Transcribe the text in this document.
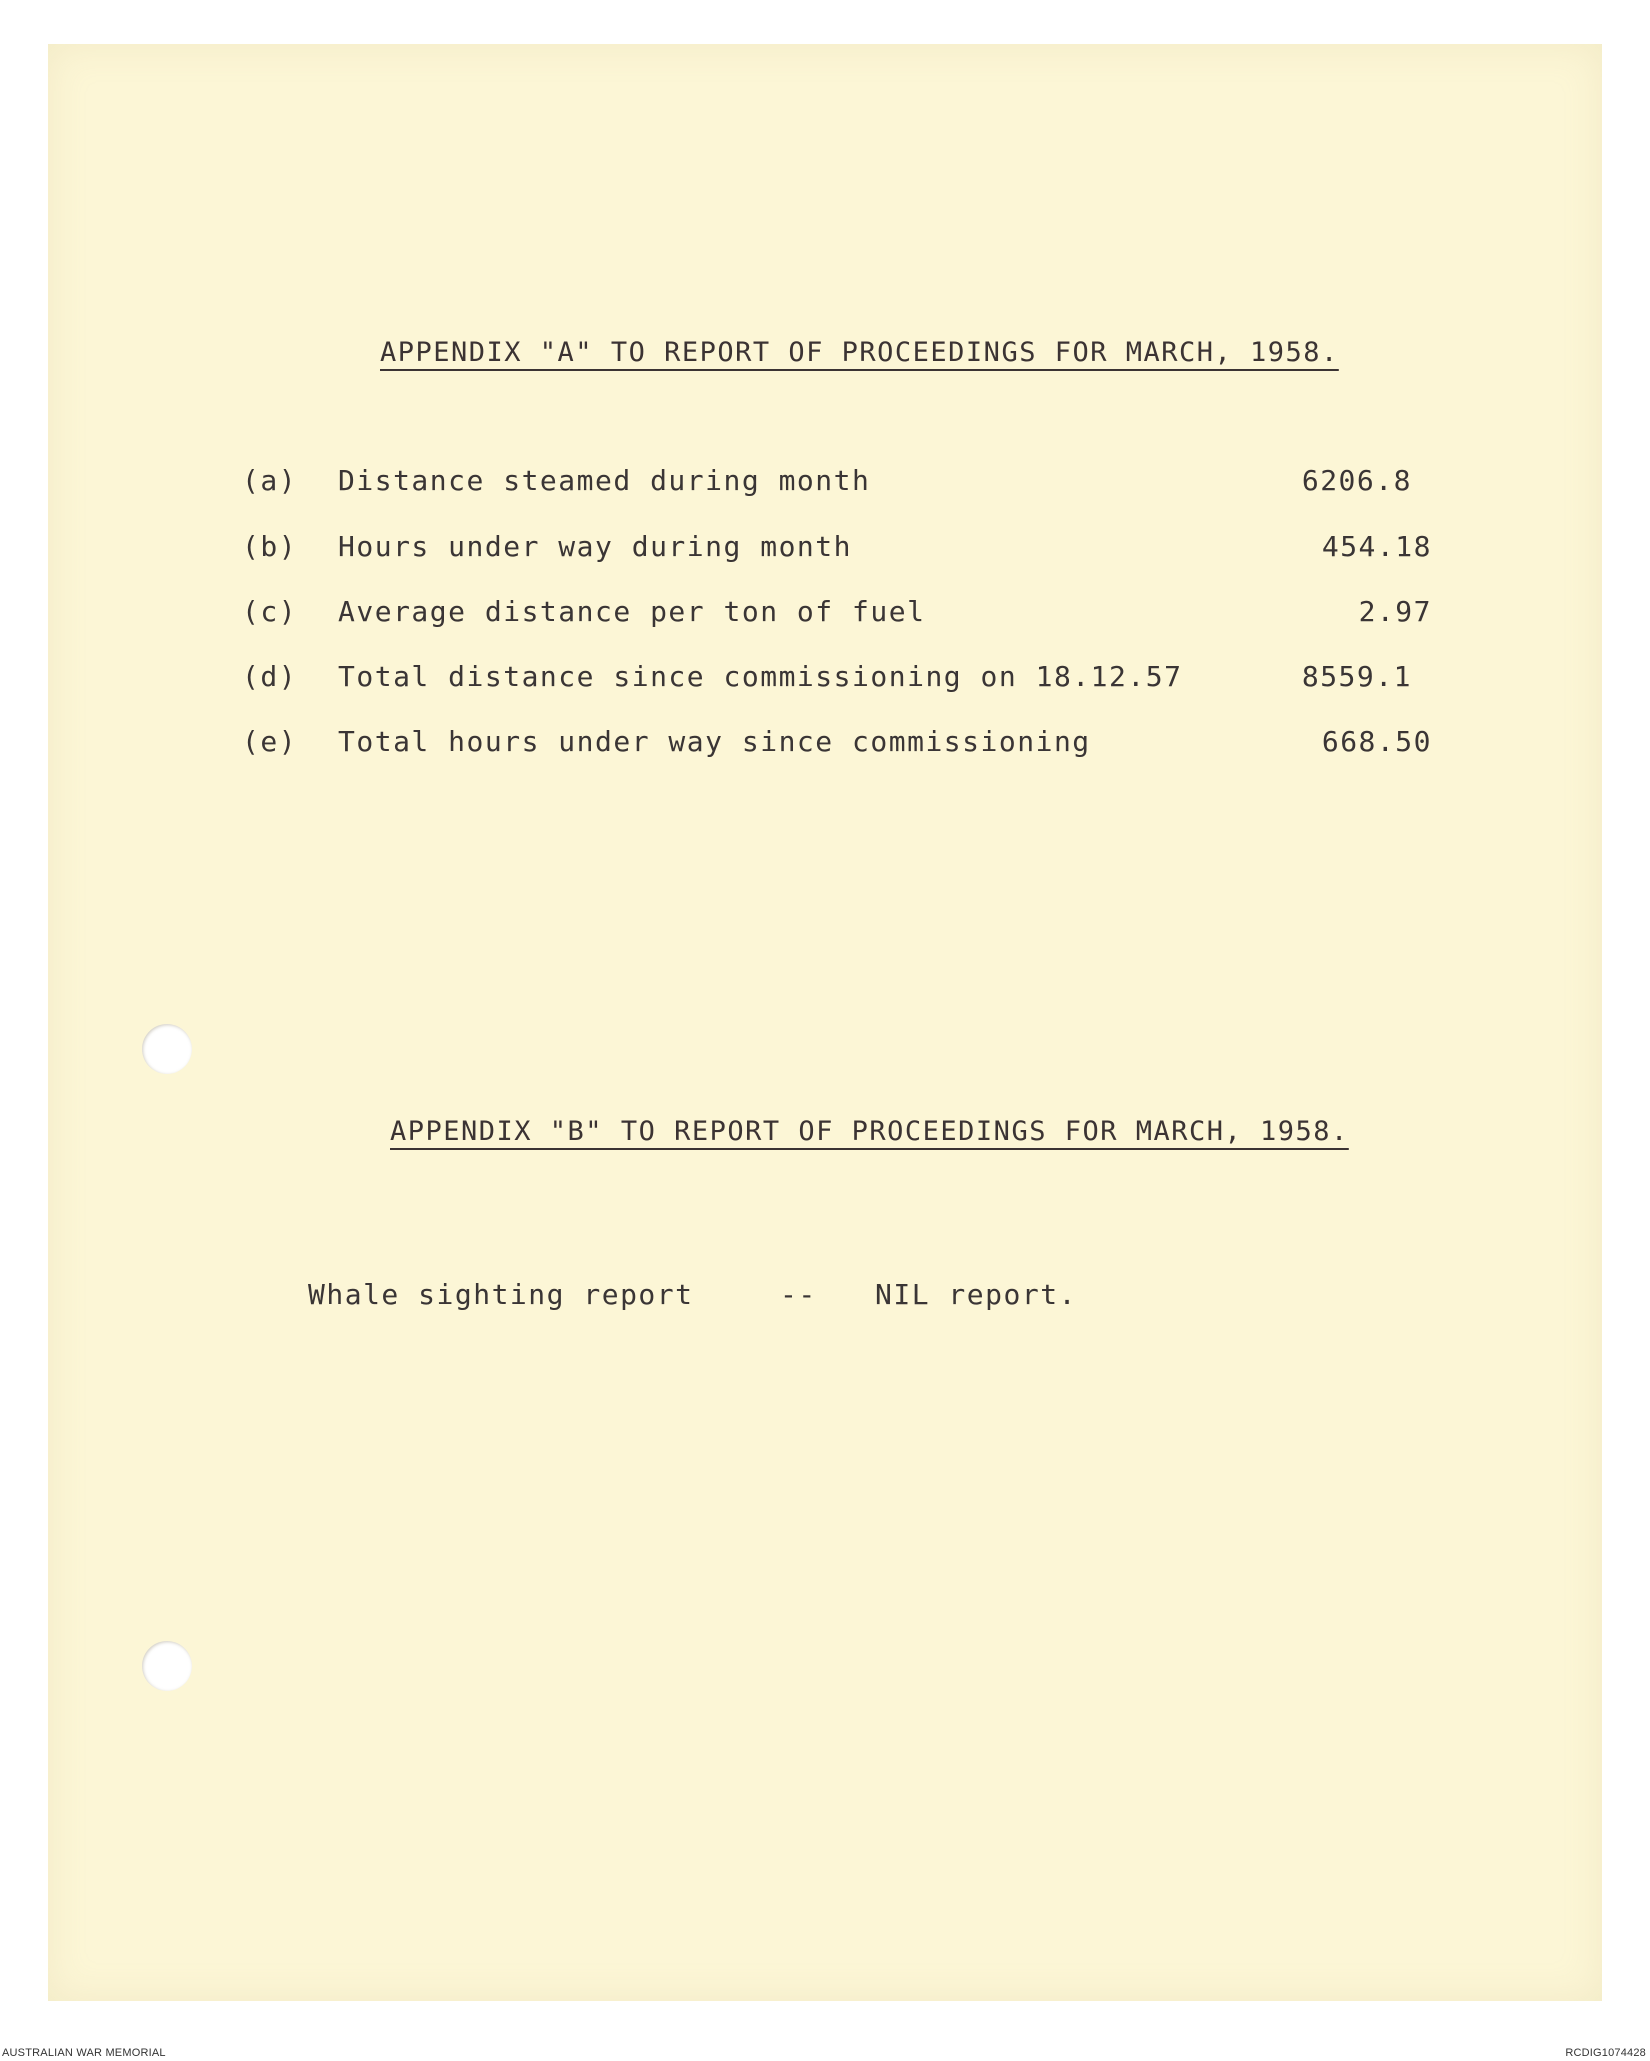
APPENDIX "A" TO REPORT OF PROCEEDINGS FOR MARCH, 1958.
(a) Distance steamed during month	6206.8
(b) Hours under way during month	454.18
(c) Average distance per ton of fuel	2.97
(d) Total distance since commissioning on 18.12.57	8559.1
(e) Total hours under way since commissioning	668.50
APPENDIX "B" TO REPORT OF PROCEEDINGS FOR MARCH, 1958.
Whale sighting report	-- NIL report.
AUSTRALIAN WAR MEMORIAL	RCDIG1074428
